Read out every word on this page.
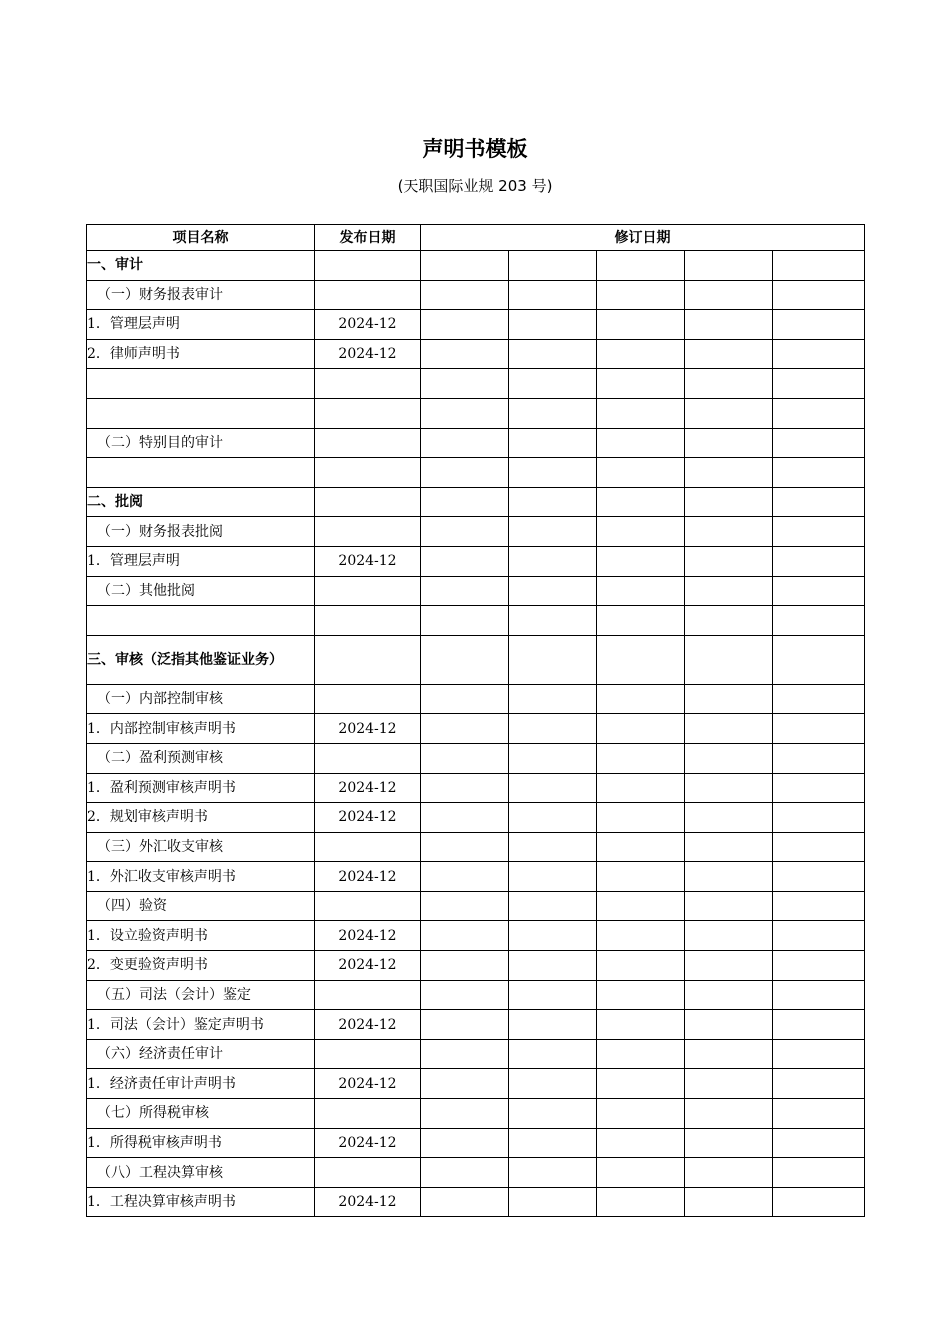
声明书模板
(天职国际业规 203 号)
项目名称	发布日期	修订日期				
一、审计						
（一）财务报表审计						
1．管理层声明	2024-12					
2．律师声明书	2024-12					

（二）特别目的审计						

二、批阅						
（一）财务报表批阅						
1．管理层声明	2024-12					
（二）其他批阅						

三、审核（泛指其他鉴证业务）						
（一）内部控制审核						
1．内部控制审核声明书	2024-12					
（二）盈利预测审核						
1．盈利预测审核声明书	2024-12					
2．规划审核声明书	2024-12					
（三）外汇收支审核						
1．外汇收支审核声明书	2024-12					
（四）验资						
1．设立验资声明书	2024-12					
2．变更验资声明书	2024-12					
（五）司法（会计）鉴定						
1．司法（会计）鉴定声明书	2024-12					
（六）经济责任审计						
1．经济责任审计声明书	2024-12					
（七）所得税审核						
1．所得税审核声明书	2024-12					
（八）工程决算审核						
1．工程决算审核声明书	2024-12					
